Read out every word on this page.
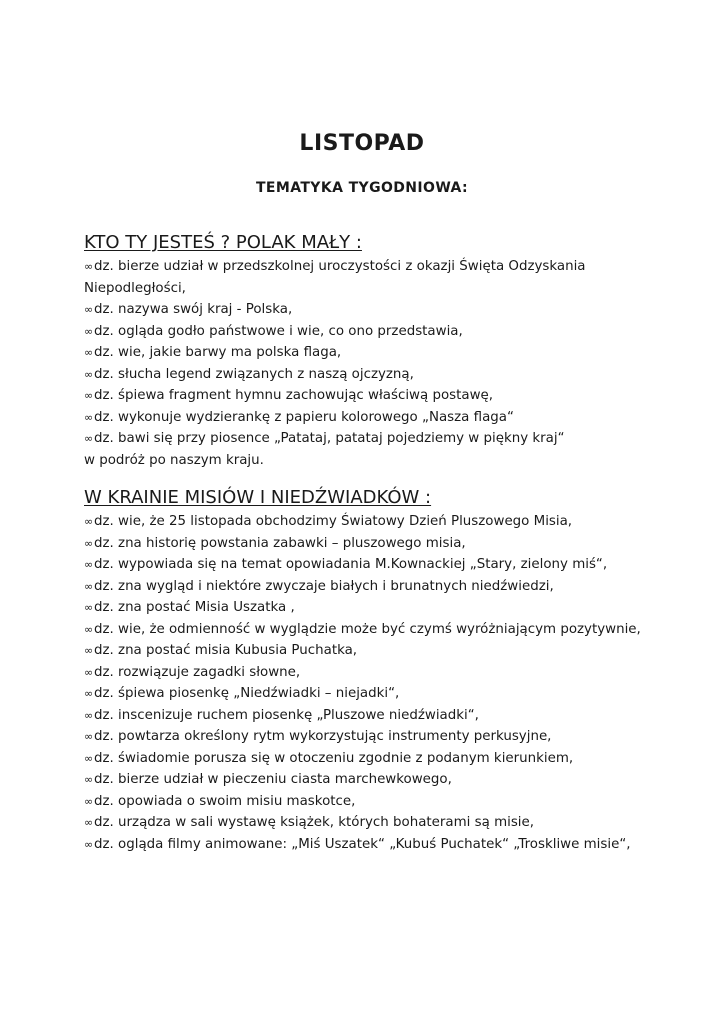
LISTOPAD
TEMATYKA TYGODNIOWA:
KTO TY JESTEŚ ? POLAK MAŁY :
∞dz. bierze udział w przedszkolnej uroczystości z okazji Święta Odzyskania Niepodległości,
∞dz. nazywa swój kraj - Polska,
∞dz. ogląda godło państwowe i wie, co ono przedstawia,
∞dz. wie, jakie barwy ma polska flaga,
∞dz. słucha legend związanych z naszą ojczyzną,
∞dz. śpiewa fragment hymnu zachowując właściwą postawę,
∞dz. wykonuje wydzierankę z papieru kolorowego „Nasza flaga“
∞dz. bawi się przy piosence „Patataj, patataj pojedziemy w piękny kraj“
w podróż po naszym kraju.
W KRAINIE MISIÓW I NIEDŹWIADKÓW :
∞dz. wie, że 25 listopada obchodzimy Światowy Dzień Pluszowego Misia,
∞dz. zna historię powstania zabawki – pluszowego misia,
∞dz. wypowiada się na temat opowiadania M.Kownackiej „Stary, zielony miś“,
∞dz. zna wygląd i niektóre zwyczaje białych i brunatnych niedźwiedzi,
∞dz. zna postać Misia Uszatka ,
∞dz. wie, że odmienność w wyglądzie może być czymś wyróżniającym pozytywnie,
∞dz. zna postać misia Kubusia Puchatka,
∞dz. rozwiązuje zagadki słowne,
∞dz. śpiewa piosenkę „Niedźwiadki – niejadki“,
∞dz. inscenizuje ruchem piosenkę „Pluszowe niedźwiadki“,
∞dz. powtarza określony rytm wykorzystując instrumenty perkusyjne,
∞dz. świadomie porusza się w otoczeniu zgodnie z podanym kierunkiem,
∞dz. bierze udział w pieczeniu ciasta marchewkowego,
∞dz. opowiada o swoim misiu maskotce,
∞dz. urządza w sali wystawę książek, których bohaterami są misie,
∞dz. ogląda filmy animowane: „Miś Uszatek“ „Kubuś Puchatek“ „Troskliwe misie“,
